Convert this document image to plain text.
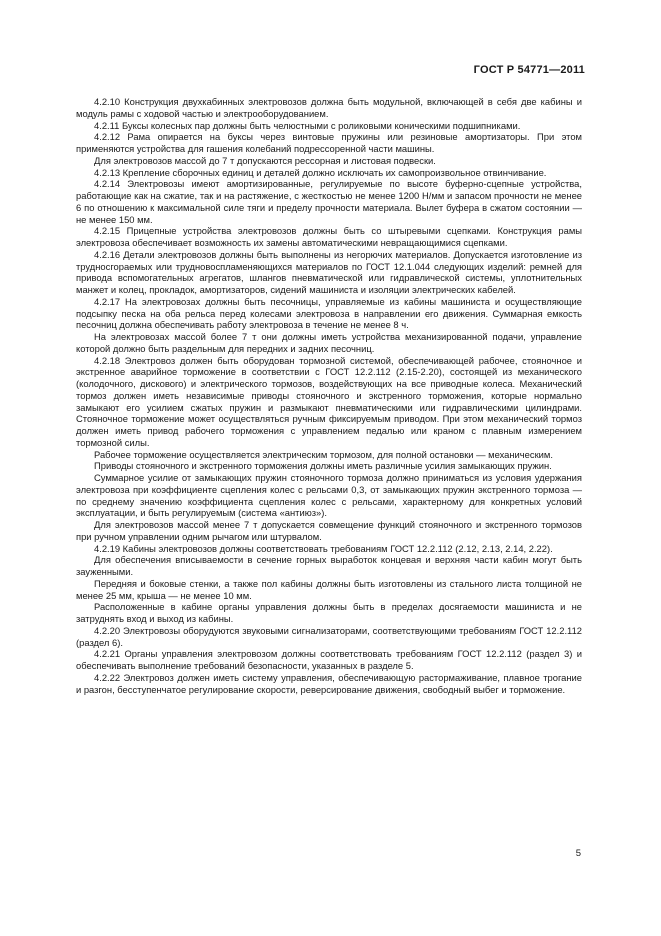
ГОСТ Р 54771—2011

4.2.10 Конструкция двухкабинных электровозов должна быть модульной, включающей в себя две кабины и модуль рамы с ходовой частью и электрооборудованием.

4.2.11 Буксы колесных пар должны быть челюстными с роликовыми коническими подшипниками.

4.2.12 Рама опирается на буксы через винтовые пружины или резиновые амортизаторы. При этом применяются устройства для гашения колебаний подрессоренной части машины.

Для электровозов массой до 7 т допускаются рессорная и листовая подвески.

4.2.13 Крепление сборочных единиц и деталей должно исключать их самопроизвольное отвинчивание.

4.2.14 Электровозы имеют амортизированные, регулируемые по высоте буферно-сцепные устройства, работающие как на сжатие, так и на растяжение, с жесткостью не менее 1200 Н/мм и запасом прочности не менее 6 по отношению к максимальной силе тяги и пределу прочности материала. Вылет буфера в сжатом состоянии — не менее 150 мм.

4.2.15 Прицепные устройства электровозов должны быть со штыревыми сцепками. Конструкция рамы электровоза обеспечивает возможность их замены автоматическими невращающимися сцепками.

4.2.16 Детали электровозов должны быть выполнены из негорючих материалов. Допускается изготовление из трудносгораемых или трудновоспламеняющихся материалов по ГОСТ 12.1.044 следующих изделий: ремней для привода вспомогательных агрегатов, шлангов пневматической или гидравлической системы, уплотнительных манжет и колец, прокладок, амортизаторов, сидений машиниста и изоляции электрических кабелей.

4.2.17 На электровозах должны быть песочницы, управляемые из кабины машиниста и осуществляющие подсыпку песка на оба рельса перед колесами электровоза в направлении его движения. Суммарная емкость песочниц должна обеспечивать работу электровоза в течение не менее 8 ч.

На электровозах массой более 7 т они должны иметь устройства механизированной подачи, управление которой должно быть раздельным для передних и задних песочниц.

4.2.18 Электровоз должен быть оборудован тормозной системой, обеспечивающей рабочее, стояночное и экстренное аварийное торможение в соответствии с ГОСТ 12.2.112 (2.15-2.20), состоящей из механического (колодочного, дискового) и электрического тормозов, воздействующих на все приводные колеса. Механический тормоз должен иметь независимые приводы стояночного и экстренного торможения, которые нормально замыкают его усилием сжатых пружин и размыкают пневматическими или гидравлическими цилиндрами. Стояночное торможение может осуществляться ручным фиксируемым приводом. При этом механический тормоз должен иметь привод рабочего торможения с управлением педалью или краном с плавным измерением тормозной силы.

Рабочее торможение осуществляется электрическим тормозом, для полной остановки — механическим.

Приводы стояночного и экстренного торможения должны иметь различные усилия замыкающих пружин.

Суммарное усилие от замыкающих пружин стояночного тормоза должно приниматься из условия удержания электровоза при коэффициенте сцепления колес с рельсами 0,3, от замыкающих пружин экстренного тормоза — по среднему значению коэффициента сцепления колес с рельсами, характерному для конкретных условий эксплуатации, и быть регулируемым (система «антиюз»).

Для электровозов массой менее 7 т допускается совмещение функций стояночного и экстренного тормозов при ручном управлении одним рычагом или штурвалом.

4.2.19 Кабины электровозов должны соответствовать требованиям ГОСТ 12.2.112 (2.12, 2.13, 2.14, 2.22).

Для обеспечения вписываемости в сечение горных выработок концевая и верхняя части кабин могут быть зауженными.

Передняя и боковые стенки, а также пол кабины должны быть изготовлены из стального листа толщиной не менее 25 мм, крыша — не менее 10 мм.

Расположенные в кабине органы управления должны быть в пределах досягаемости машиниста и не затруднять вход и выход из кабины.

4.2.20 Электровозы оборудуются звуковыми сигнализаторами, соответствующими требованиям ГОСТ 12.2.112 (раздел 6).

4.2.21 Органы управления электровозом должны соответствовать требованиям ГОСТ 12.2.112 (раздел 3) и обеспечивать выполнение требований безопасности, указанных в разделе 5.

4.2.22 Электровоз должен иметь систему управления, обеспечивающую растормаживание, плавное трогание и разгон, бесступенчатое регулирование скорости, реверсирование движения, свободный выбег и торможение.

5
